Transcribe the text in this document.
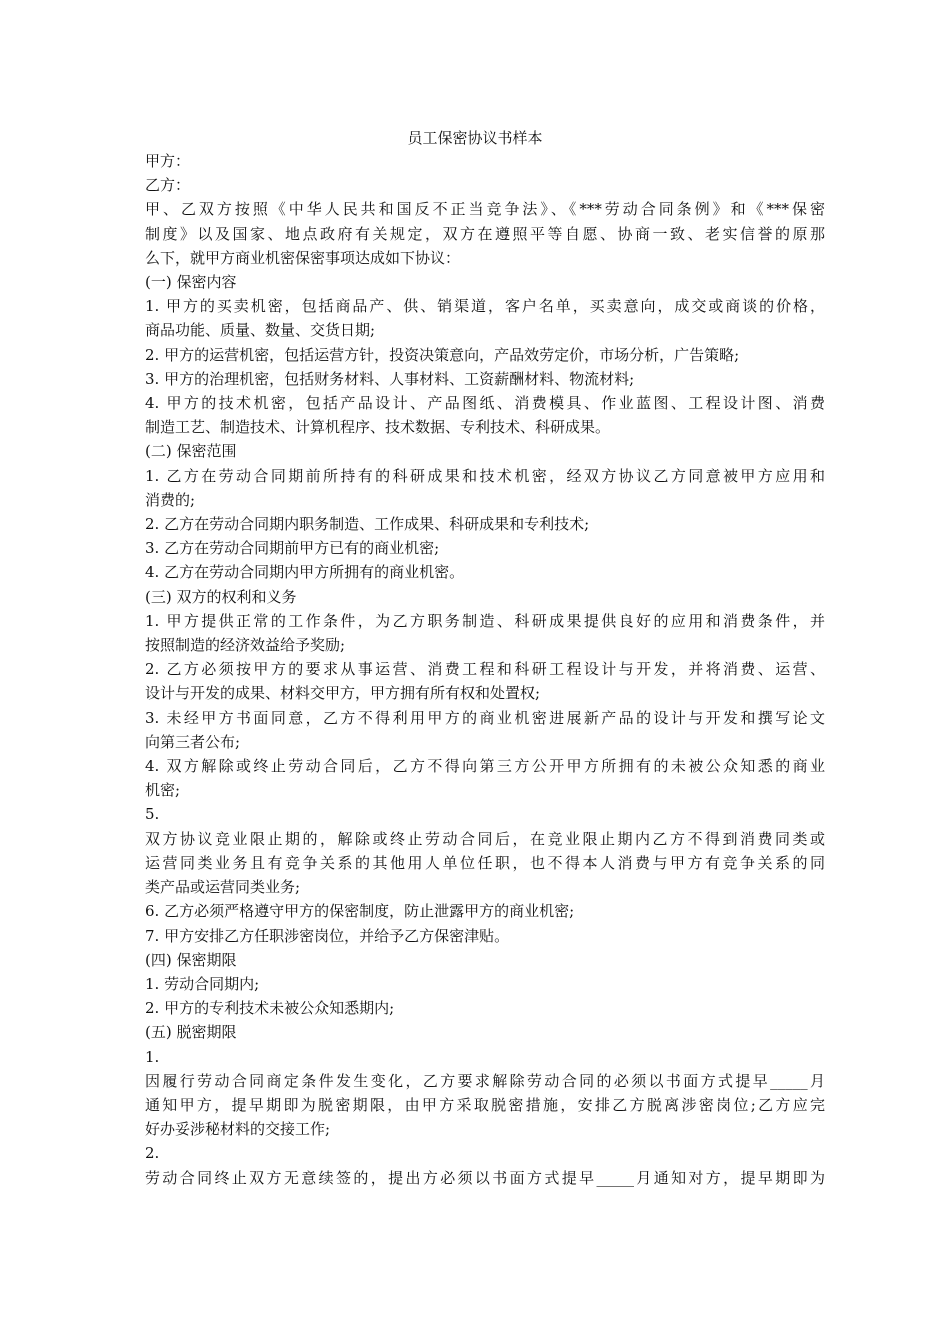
员工保密协议书样本
甲方：
乙方：
甲、乙双方按照《中华人民共和国反不正当竞争法》、《***劳动合同条例》和《***保密
制度》以及国家、地点政府有关规定，双方在遵照平等自愿、协商一致、老实信誉的原那
么下，就甲方商业机密保密事项达成如下协议：
(一) 保密内容
1. 甲方的买卖机密，包括商品产、供、销渠道，客户名单，买卖意向，成交或商谈的价格，
商品功能、质量、数量、交货日期;
2. 甲方的运营机密，包括运营方针，投资决策意向，产品效劳定价，市场分析，广告策略;
3. 甲方的治理机密，包括财务材料、人事材料、工资薪酬材料、物流材料;
4. 甲方的技术机密，包括产品设计、产品图纸、消费模具、作业蓝图、工程设计图、消费
制造工艺、制造技术、计算机程序、技术数据、专利技术、科研成果。
(二) 保密范围
1. 乙方在劳动合同期前所持有的科研成果和技术机密，经双方协议乙方同意被甲方应用和
消费的;
2. 乙方在劳动合同期内职务制造、工作成果、科研成果和专利技术;
3. 乙方在劳动合同期前甲方已有的商业机密;
4. 乙方在劳动合同期内甲方所拥有的商业机密。
(三) 双方的权利和义务
1. 甲方提供正常的工作条件，为乙方职务制造、科研成果提供良好的应用和消费条件，并
按照制造的经济效益给予奖励;
2. 乙方必须按甲方的要求从事运营、消费工程和科研工程设计与开发，并将消费、运营、
设计与开发的成果、材料交甲方，甲方拥有所有权和处置权;
3. 未经甲方书面同意，乙方不得利用甲方的商业机密进展新产品的设计与开发和撰写论文
向第三者公布;
4. 双方解除或终止劳动合同后，乙方不得向第三方公开甲方所拥有的未被公众知悉的商业
机密;
5.
双方协议竞业限止期的，解除或终止劳动合同后，在竞业限止期内乙方不得到消费同类或
运营同类业务且有竞争关系的其他用人单位任职，也不得本人消费与甲方有竞争关系的同
类产品或运营同类业务;
6. 乙方必须严格遵守甲方的保密制度，防止泄露甲方的商业机密;
7. 甲方安排乙方任职涉密岗位，并给予乙方保密津贴。
(四) 保密期限
1. 劳动合同期内;
2. 甲方的专利技术未被公众知悉期内;
(五) 脱密期限
1.
因履行劳动合同商定条件发生变化，乙方要求解除劳动合同的必须以书面方式提早_____月
通知甲方，提早期即为脱密期限，由甲方采取脱密措施，安排乙方脱离涉密岗位;乙方应完
好办妥涉秘材料的交接工作;
2.
劳动合同终止双方无意续签的，提出方必须以书面方式提早_____月通知对方，提早期即为
